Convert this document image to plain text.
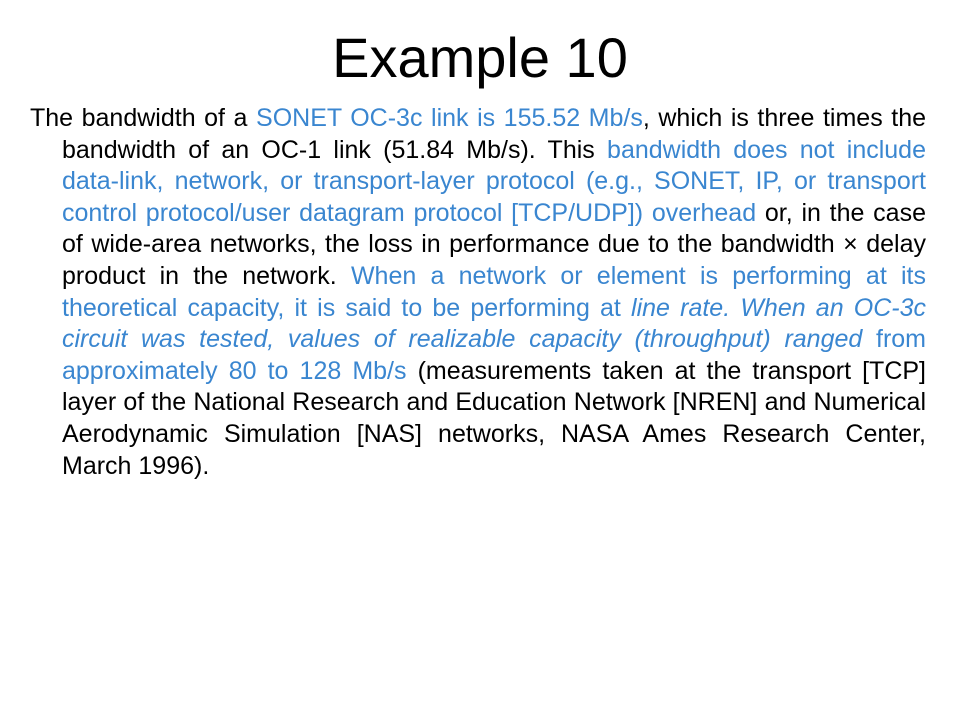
Example 10

The bandwidth of a SONET OC-3c link is 155.52 Mb/s, which is three times the bandwidth of an OC-1 link (51.84 Mb/s). This bandwidth does not include data-link, network, or transport-layer protocol (e.g., SONET, IP, or transport control protocol/user datagram protocol [TCP/UDP]) overhead or, in the case of wide-area networks, the loss in performance due to the bandwidth × delay product in the network. When a network or element is performing at its theoretical capacity, it is said to be performing at line rate. When an OC-3c circuit was tested, values of realizable capacity (throughput) ranged from approximately 80 to 128 Mb/s (measurements taken at the transport [TCP] layer of the National Research and Education Network [NREN] and Numerical Aerodynamic Simulation [NAS] networks, NASA Ames Research Center, March 1996).
